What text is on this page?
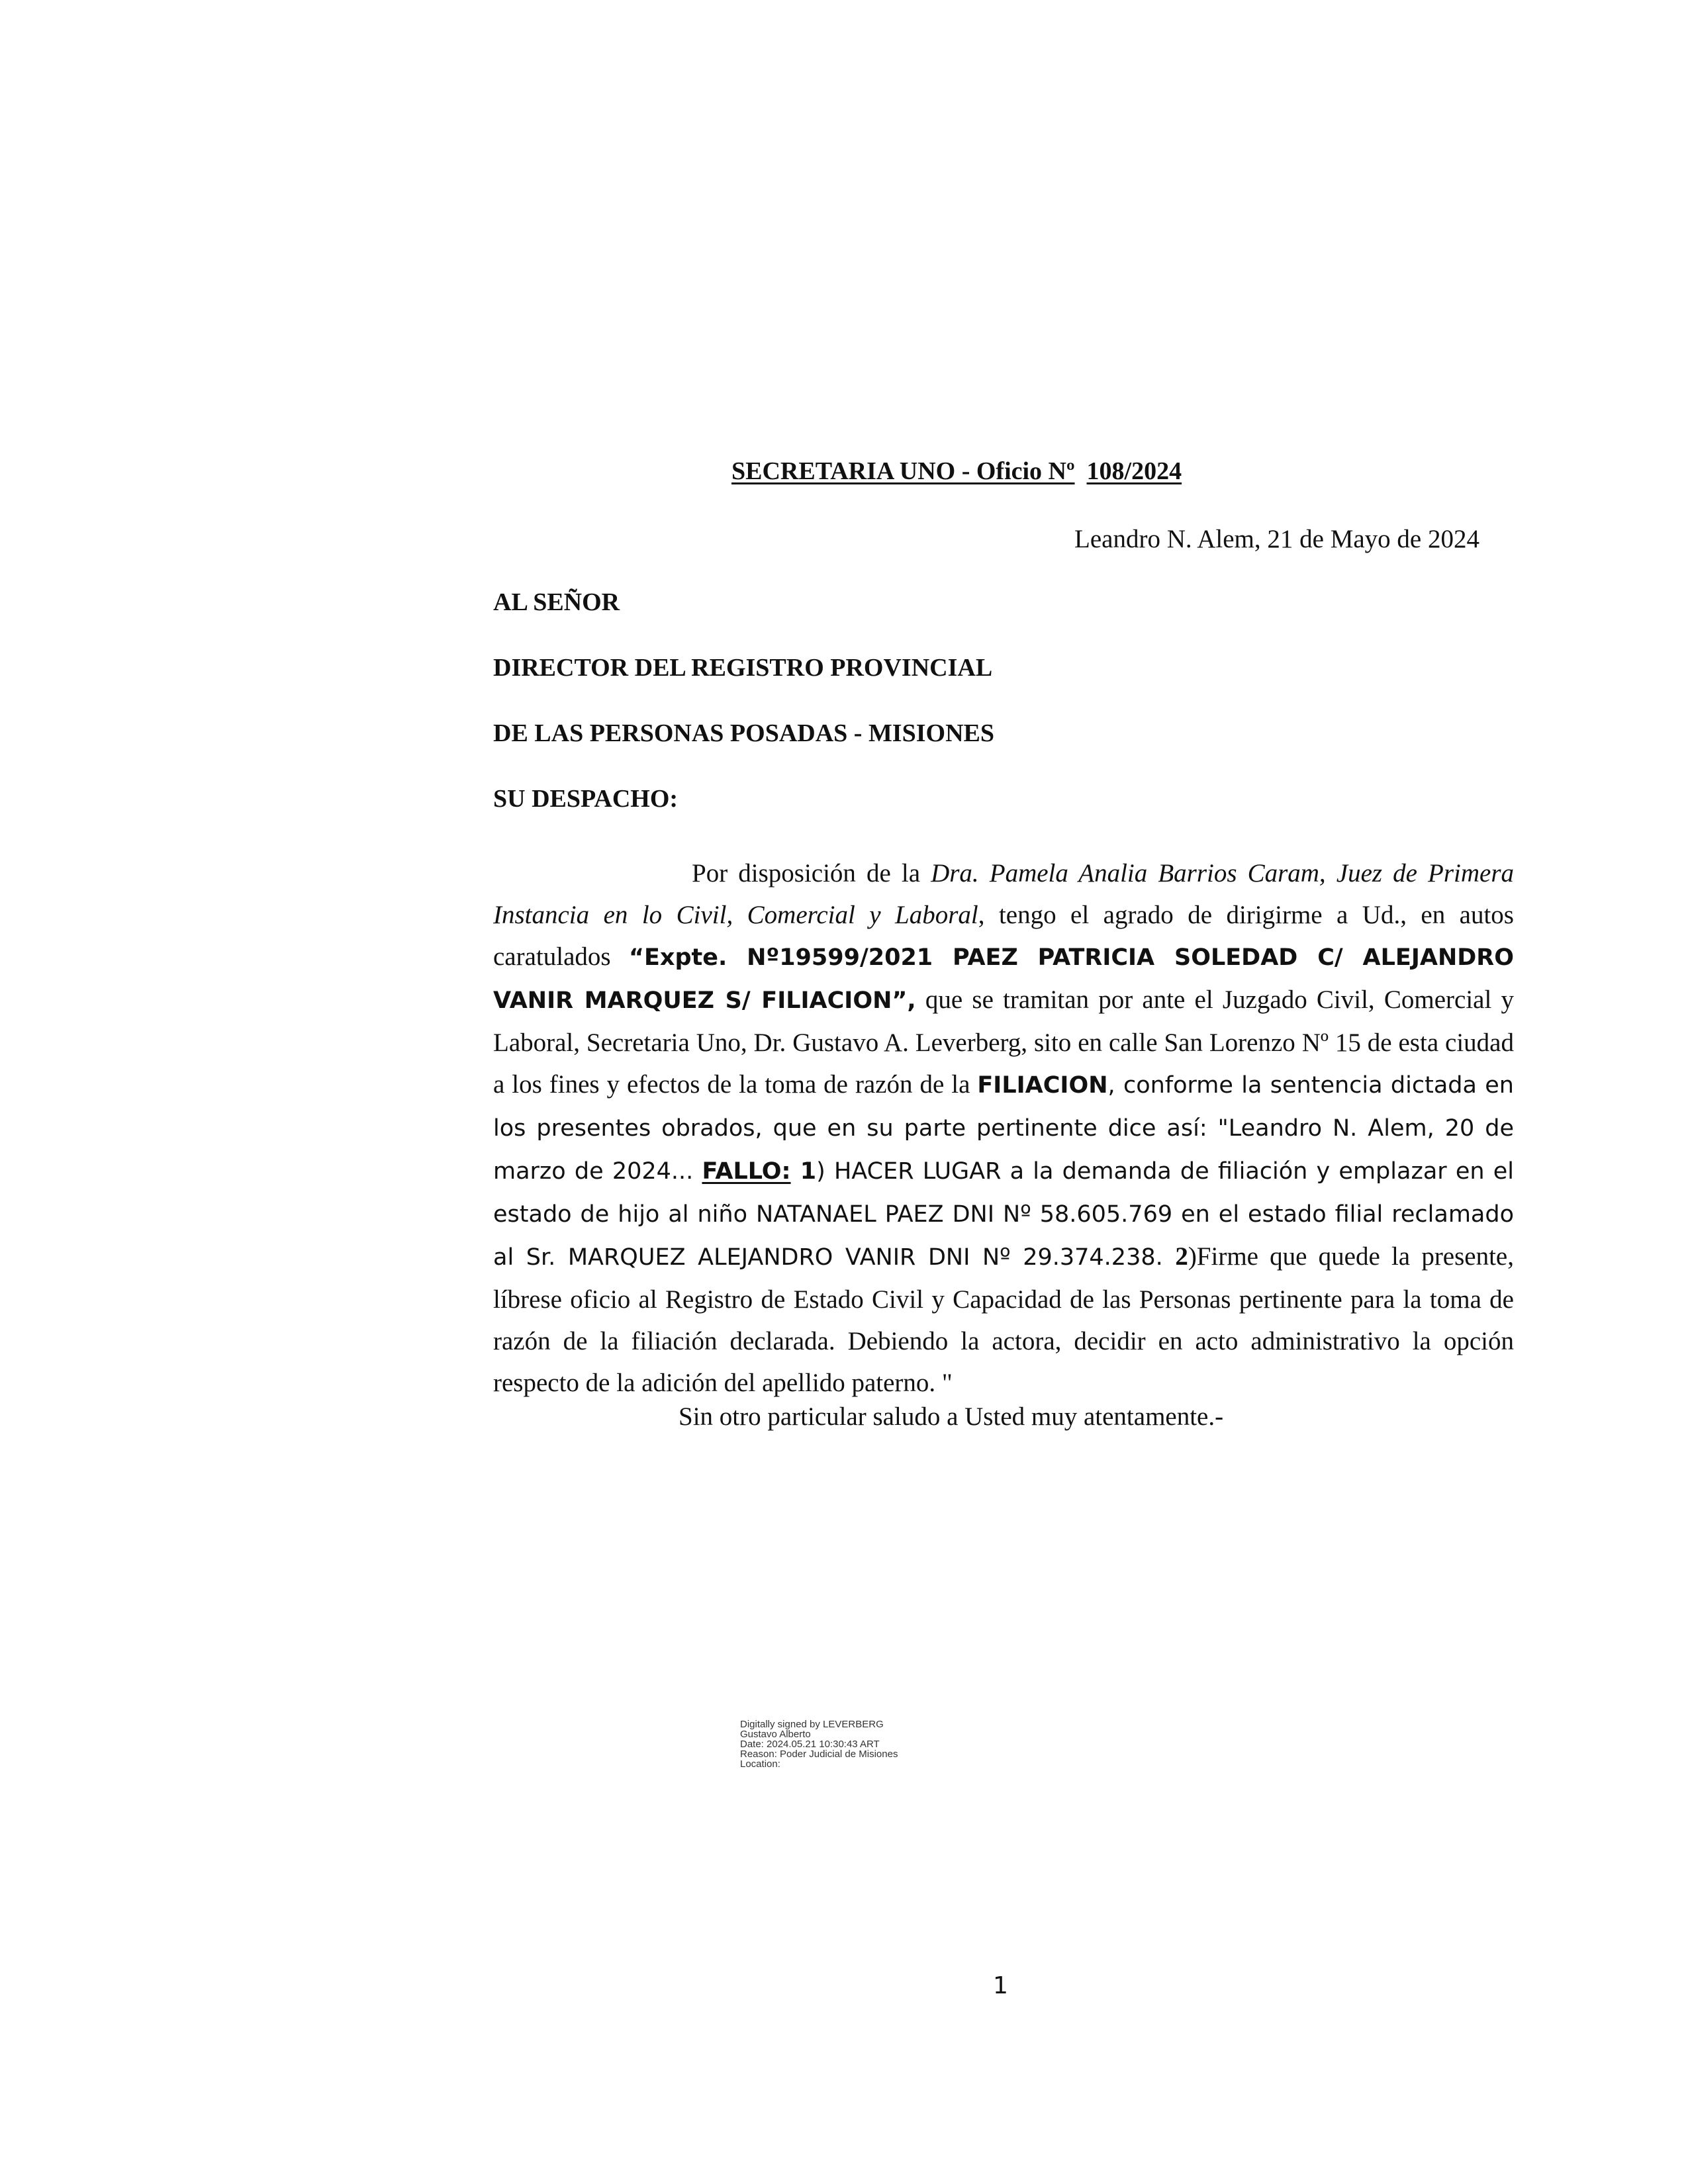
SECRETARIA UNO - Oficio Nº 108/2024
Leandro N. Alem, 21 de Mayo de 2024
AL SEÑOR
DIRECTOR DEL REGISTRO PROVINCIAL
DE LAS PERSONAS POSADAS - MISIONES
SU DESPACHO:

Por disposición de la Dra. Pamela Analia Barrios Caram, Juez de Primera Instancia en lo Civil, Comercial y Laboral, tengo el agrado de dirigirme a Ud., en autos caratulados “Expte. Nº19599/2021 PAEZ PATRICIA SOLEDAD C/ ALEJANDRO VANIR MARQUEZ S/ FILIACION”, que se tramitan por ante el Juzgado Civil, Comercial y Laboral, Secretaria Uno, Dr. Gustavo A. Leverberg, sito en calle San Lorenzo Nº 15 de esta ciudad a los fines y efectos de la toma de razón de la FILIACION, conforme la sentencia dictada en los presentes obrados, que en su parte pertinente dice así: "Leandro N. Alem, 20 de marzo de 2024... FALLO: 1) HACER LUGAR a la demanda de filiación y emplazar en el estado de hijo al niño NATANAEL PAEZ DNI Nº 58.605.769 en el estado filial reclamado al Sr. MARQUEZ ALEJANDRO VANIR DNI Nº 29.374.238. 2)Firme que quede la presente, líbrese oficio al Registro de Estado Civil y Capacidad de las Personas pertinente para la toma de razón de la filiación declarada. Debiendo la actora, decidir en acto administrativo la opción respecto de la adición del apellido paterno. "

Sin otro particular saludo a Usted muy atentamente.-
Digitally signed by LEVERBERG
Gustavo Alberto
Date: 2024.05.21 10:30:43 ART
Reason: Poder Judicial de Misiones
Location:
1
